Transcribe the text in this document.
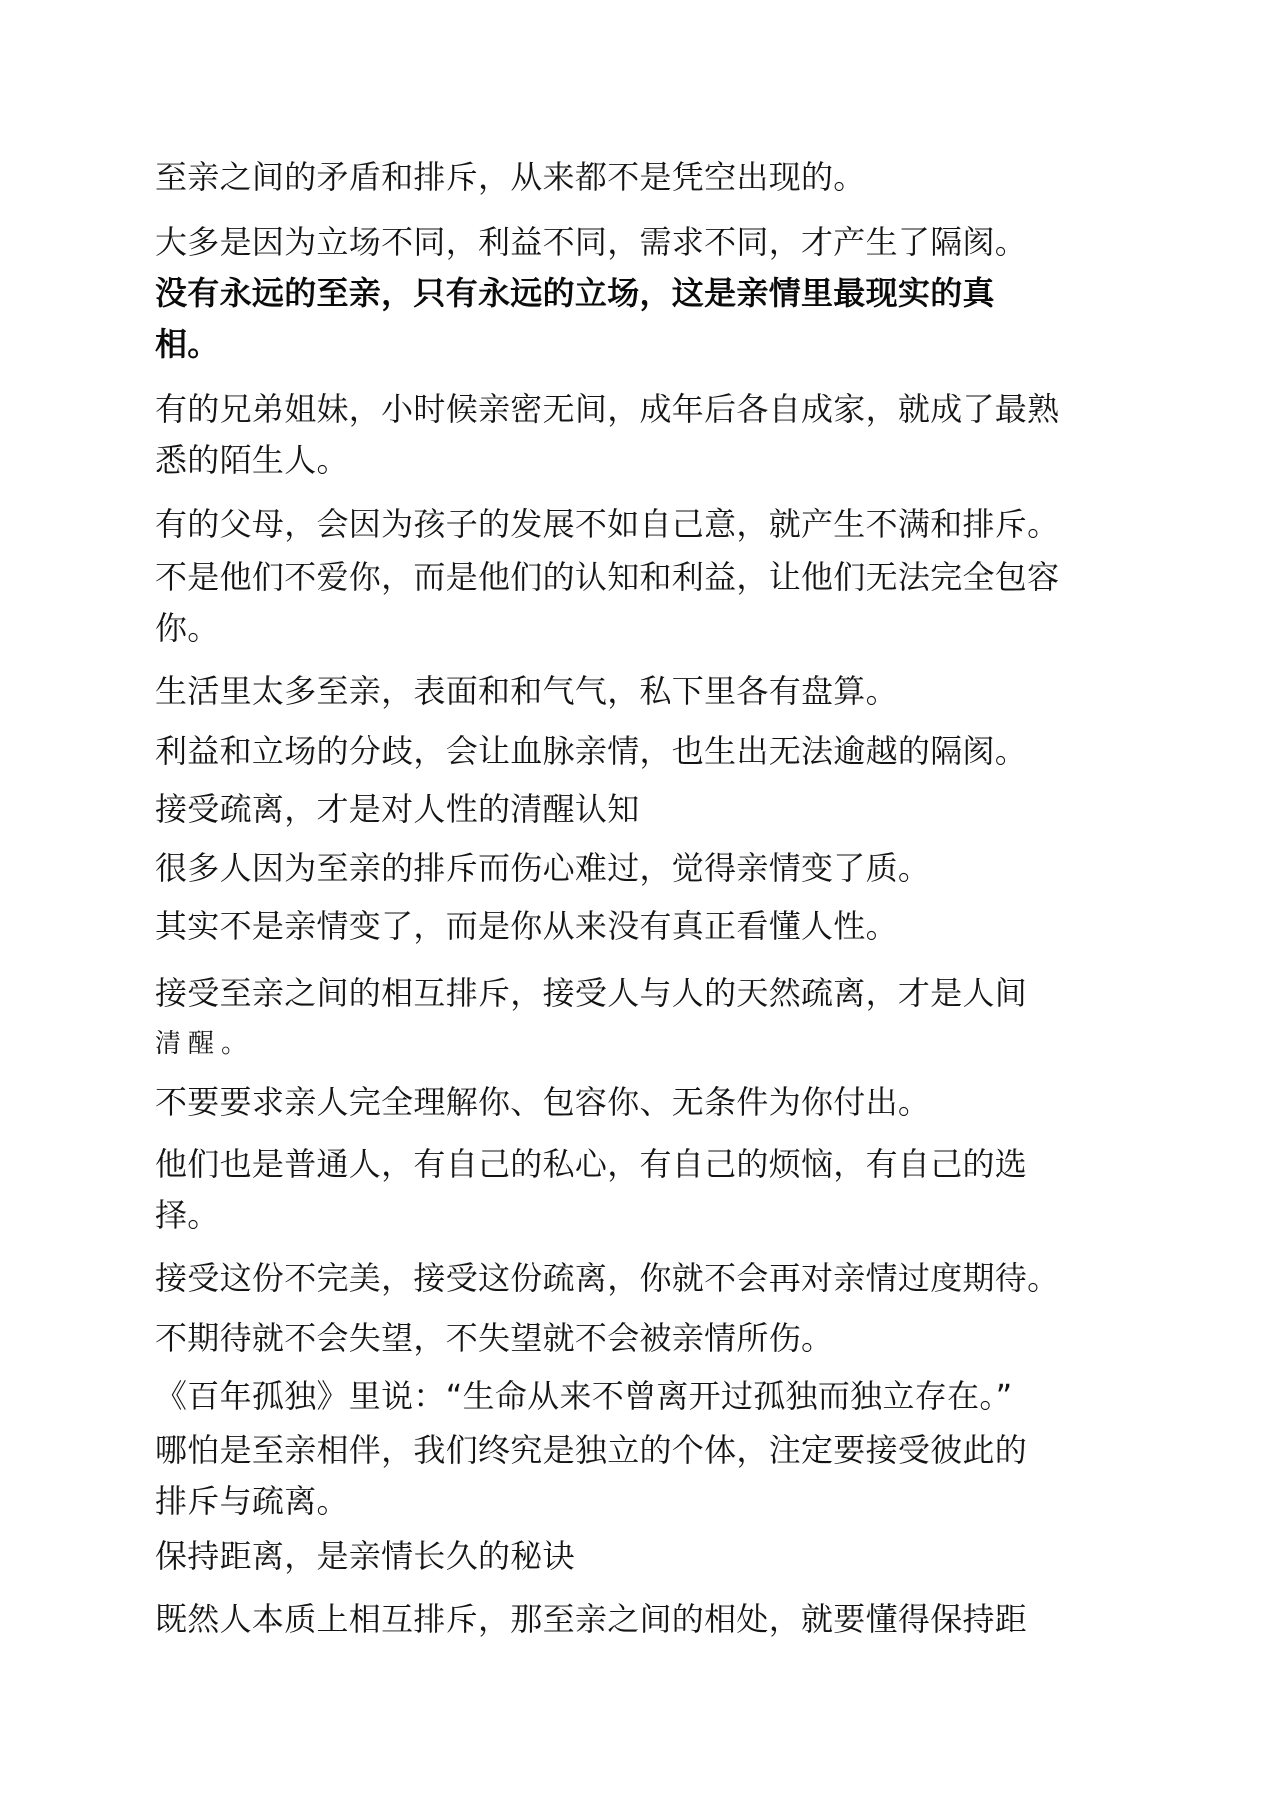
至亲之间的矛盾和排斥，从来都不是凭空出现的。

大多是因为立场不同，利益不同，需求不同，才产生了隔阂。

没有永远的至亲，只有永远的立场，这是亲情里最现实的真
相。

有的兄弟姐妹，小时候亲密无间，成年后各自成家，就成了最熟
悉的陌生人。

有的父母，会因为孩子的发展不如自己意，就产生不满和排斥。

不是他们不爱你，而是他们的认知和利益，让他们无法完全包容
你。

生活里太多至亲，表面和和气气，私下里各有盘算。

利益和立场的分歧，会让血脉亲情，也生出无法逾越的隔阂。

接受疏离，才是对人性的清醒认知

很多人因为至亲的排斥而伤心难过，觉得亲情变了质。

其实不是亲情变了，而是你从来没有真正看懂人性。

接受至亲之间的相互排斥，接受人与人的天然疏离，才是人间

清醒。

不要要求亲人完全理解你、包容你、无条件为你付出。

他们也是普通人，有自己的私心，有自己的烦恼，有自己的选
择。

接受这份不完美，接受这份疏离，你就不会再对亲情过度期待。

不期待就不会失望，不失望就不会被亲情所伤。

《百年孤独》里说：“生命从来不曾离开过孤独而独立存在。”

哪怕是至亲相伴，我们终究是独立的个体，注定要接受彼此的
排斥与疏离。

保持距离，是亲情长久的秘诀

既然人本质上相互排斥，那至亲之间的相处，就要懂得保持距
